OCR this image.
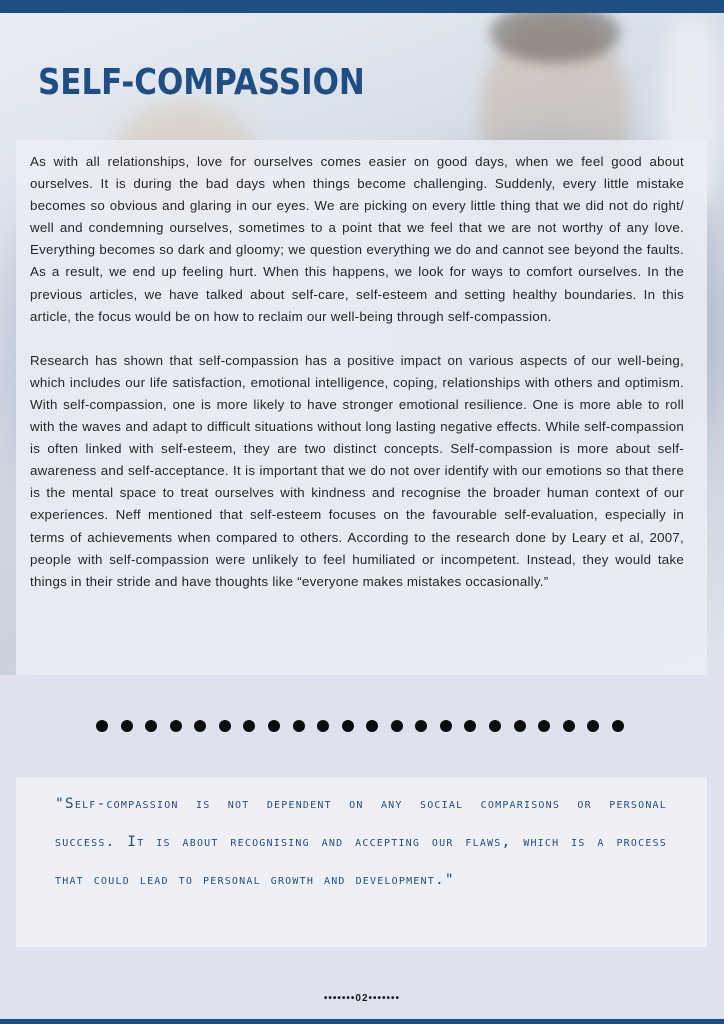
SELF-COMPASSION

As with all relationships, love for ourselves comes easier on good days, when we feel good about ourselves. It is during the bad days when things become challenging. Suddenly, every little mistake becomes so obvious and glaring in our eyes. We are picking on every little thing that we did not do right/ well and condemning ourselves, sometimes to a point that we feel that we are not worthy of any love. Everything becomes so dark and gloomy; we question everything we do and cannot see beyond the faults. As a result, we end up feeling hurt. When this happens, we look for ways to comfort ourselves. In the previous articles, we have talked about self-care, self-esteem and setting healthy boundaries. In this article, the focus would be on how to reclaim our well-being through self-compassion.

Research has shown that self-compassion has a positive impact on various aspects of our well-being, which includes our life satisfaction, emotional intelligence, coping, relationships with others and optimism. With self-compassion, one is more likely to have stronger emotional resilience. One is more able to roll with the waves and adapt to difficult situations without long lasting negative effects. While self-compassion is often linked with self-esteem, they are two distinct concepts. Self-compassion is more about self-awareness and self-acceptance. It is important that we do not over identify with our emotions so that there is the mental space to treat ourselves with kindness and recognise the broader human context of our experiences. Neff mentioned that self-esteem focuses on the favourable self-evaluation, especially in terms of achievements when compared to others. According to the research done by Leary et al, 2007, people with self-compassion were unlikely to feel humiliated or incompetent. Instead, they would take things in their stride and have thoughts like “everyone makes mistakes occasionally.”

"Self-compassion is not dependent on any social comparisons or personal success. It is about recognising and accepting our flaws, which is a process that could lead to personal growth and development."
•••••••02•••••••
